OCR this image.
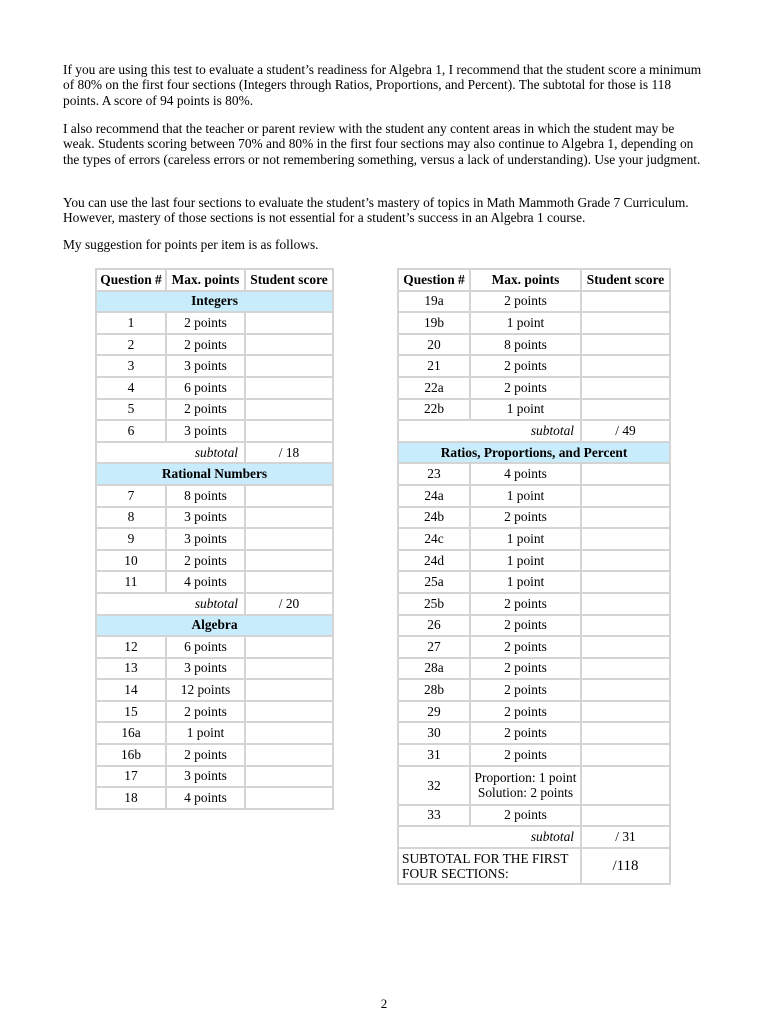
If you are using this test to evaluate a student’s readiness for Algebra 1, I recommend that the student score a minimum of 80% on the first four sections (Integers through Ratios, Proportions, and Percent). The subtotal for those is 118 points. A score of 94 points is 80%.

I also recommend that the teacher or parent review with the student any content areas in which the student may be weak. Students scoring between 70% and 80% in the first four sections may also continue to Algebra 1, depending on the types of errors (careless errors or not remembering something, versus a lack of understanding). Use your judgment.

You can use the last four sections to evaluate the student’s mastery of topics in Math Mammoth Grade 7 Curriculum. However, mastery of those sections is not essential for a student’s success in an Algebra 1 course.

My suggestion for points per item is as follows.

Question #	Max. points	Student score
Integers		
1	2 points	
2	2 points	
3	3 points	
4	6 points	
5	2 points	
6	3 points	
subtotal		/ 18
Rational Numbers		
7	8 points	
8	3 points	
9	3 points	
10	2 points	
11	4 points	
subtotal		/ 20
Algebra		
12	6 points	
13	3 points	
14	12 points	
15	2 points	
16a	1 point	
16b	2 points	
17	3 points	
18	4 points	
Question #	Max. points	Student score
19a	2 points	
19b	1 point	
20	8 points	
21	2 points	
22a	2 points	
22b	1 point	
subtotal		/ 49
Ratios, Proportions, and Percent		
23	4 points	
24a	1 point	
24b	2 points	
24c	1 point	
24d	1 point	
25a	1 point	
25b	2 points	
26	2 points	
27	2 points	
28a	2 points	
28b	2 points	
29	2 points	
30	2 points	
31	2 points	
32	Proportion: 1 point
Solution: 2 points	

33	2 points	
subtotal		/ 31
SUBTOTAL FOR THE FIRST FOUR SECTIONS:		/118
2
